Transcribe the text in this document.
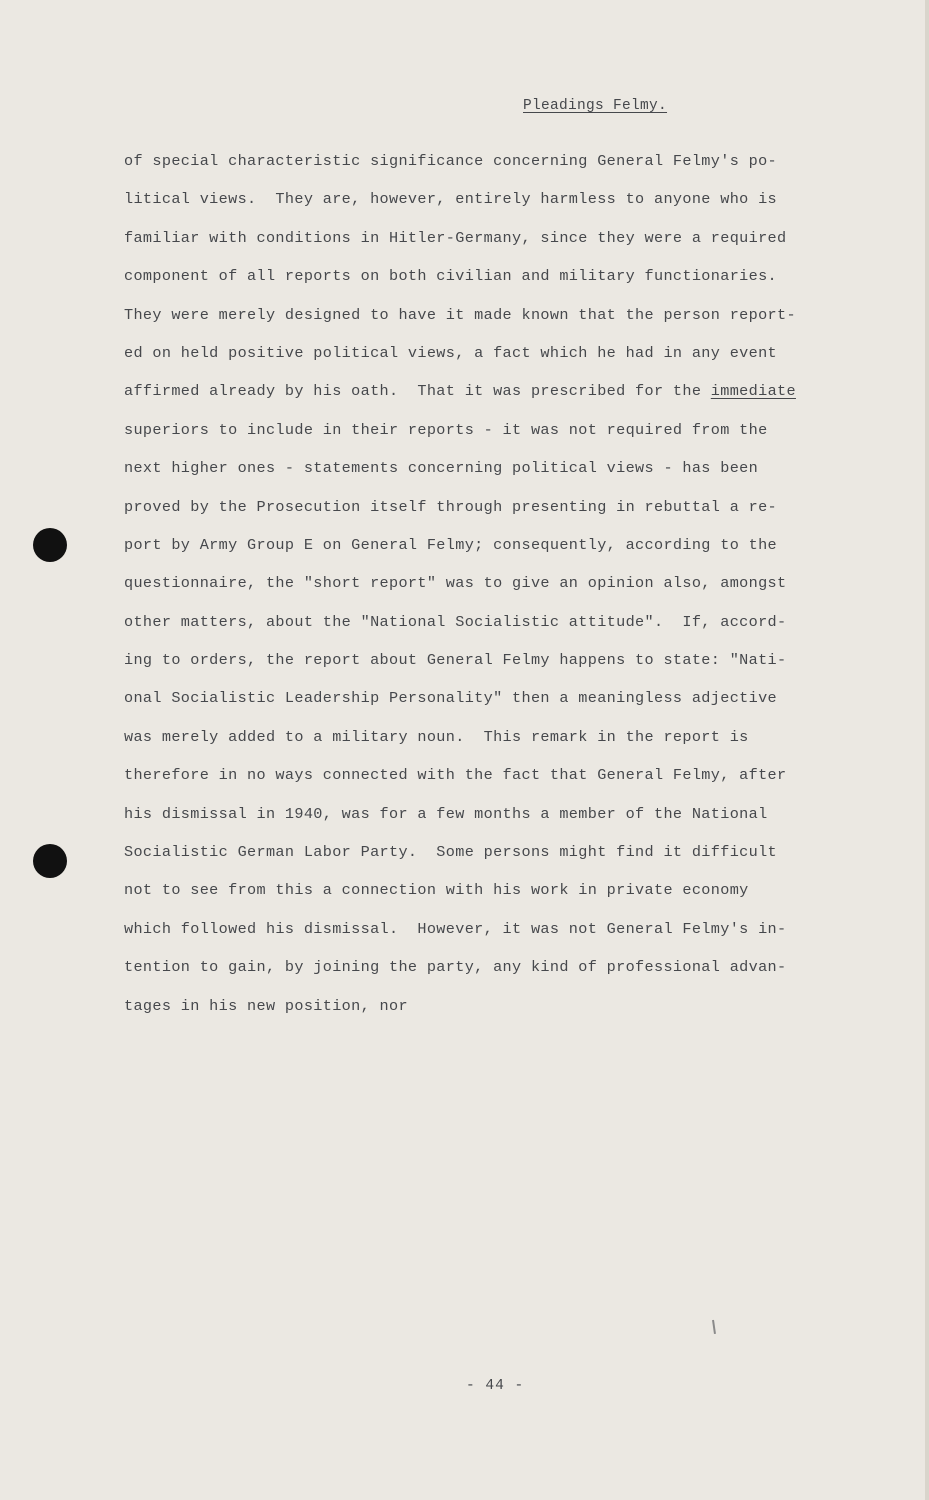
Pleadings Felmy.
of special characteristic significance concerning General Felmy's po-
litical views.  They are, however, entirely harmless to anyone who is
familiar with conditions in Hitler-Germany, since they were a required
component of all reports on both civilian and military functionaries.
They were merely designed to have it made known that the person report-
ed on held positive political views, a fact which he had in any event
affirmed already by his oath.  That it was prescribed for the immediate
superiors to include in their reports - it was not required from the
next higher ones - statements concerning political views - has been
proved by the Prosecution itself through presenting in rebuttal a re-
port by Army Group E on General Felmy; consequently, according to the
questionnaire, the "short report" was to give an opinion also, amongst
other matters, about the "National Socialistic attitude".  If, accord-
ing to orders, the report about General Felmy happens to state: "Nati-
onal Socialistic Leadership Personality" then a meaningless adjective
was merely added to a military noun.  This remark in the report is
therefore in no ways connected with the fact that General Felmy, after
his dismissal in 1940, was for a few months a member of the National
Socialistic German Labor Party.  Some persons might find it difficult
not to see from this a connection with his work in private economy
which followed his dismissal.  However, it was not General Felmy's in-
tention to gain, by joining the party, any kind of professional advan-
tages in his new position, nor
- 44 -
